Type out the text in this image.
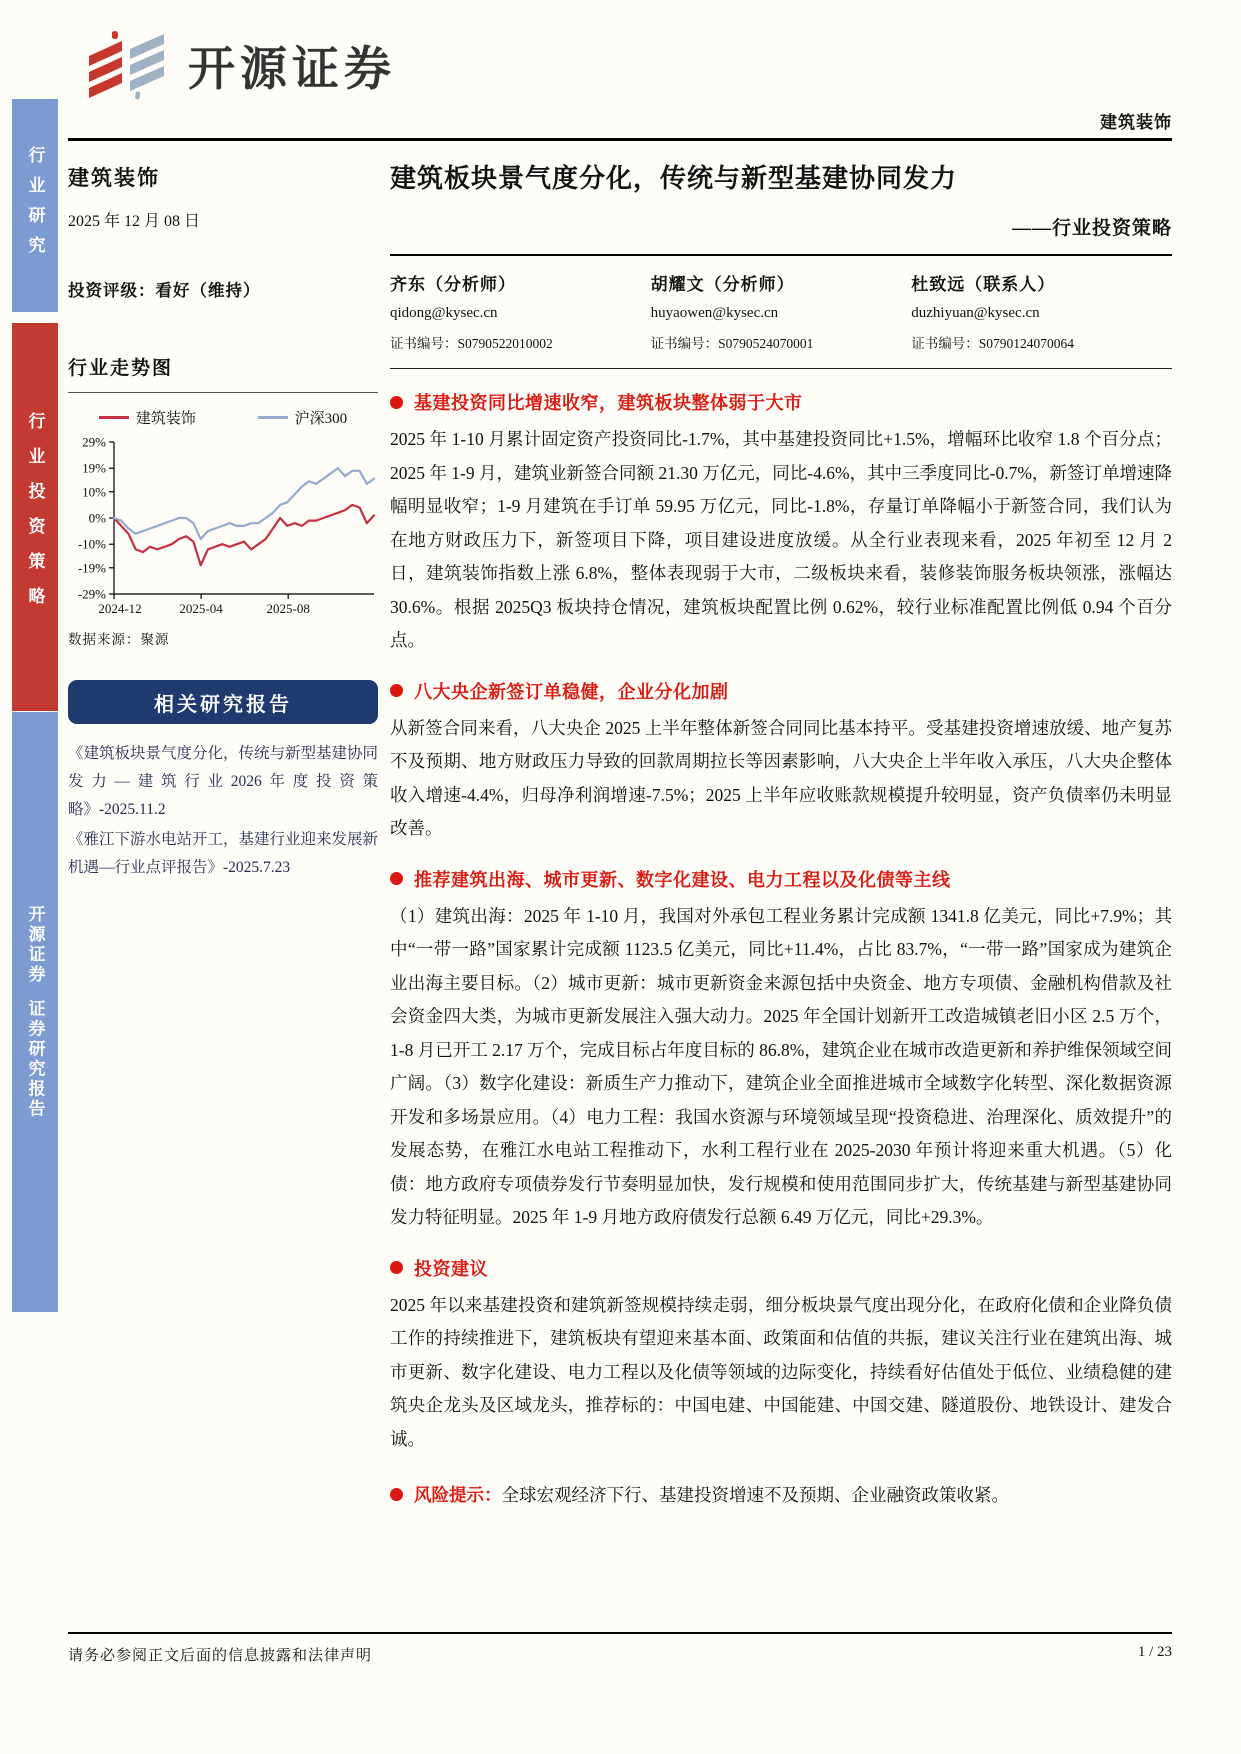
行业研究
行业投资策略
开源证券  证券研究报告
开源证券
建筑装饰
建筑装饰
2025 年 12 月 08 日
投资评级：看好（维持）
行业走势图
建筑装饰	沪深300
29%
19%
10%
0%
-10%
-19%
-29%
2024-12	2025-04	2025-08
数据来源：聚源
相关研究报告
《建筑板块景气度分化，传统与新型基建协同发力—建筑行业2026年度投资策略》-2025.11.2
《雅江下游水电站开工，基建行业迎来发展新机遇—行业点评报告》-2025.7.23
建筑板块景气度分化，传统与新型基建协同发力
——行业投资策略
齐东（分析师）
qidong@kysec.cn
证书编号：S0790522010002
胡耀文（分析师）
huyaowen@kysec.cn
证书编号：S0790524070001
杜致远（联系人）
duzhiyuan@kysec.cn
证书编号：S0790124070064
基建投资同比增速收窄，建筑板块整体弱于大市
2025 年 1-10 月累计固定资产投资同比-1.7%，其中基建投资同比+1.5%，增幅环比收窄 1.8 个百分点；2025 年 1-9 月，建筑业新签合同额 21.30 万亿元，同比-4.6%，其中三季度同比-0.7%，新签订单增速降幅明显收窄；1-9 月建筑在手订单 59.95 万亿元，同比-1.8%，存量订单降幅小于新签合同，我们认为在地方财政压力下，新签项目下降，项目建设进度放缓。从全行业表现来看，2025 年初至 12 月 2 日，建筑装饰指数上涨 6.8%，整体表现弱于大市，二级板块来看，装修装饰服务板块领涨，涨幅达 30.6%。根据 2025Q3 板块持仓情况，建筑板块配置比例 0.62%，较行业标准配置比例低 0.94 个百分点。
八大央企新签订单稳健，企业分化加剧
从新签合同来看，八大央企 2025 上半年整体新签合同同比基本持平。受基建投资增速放缓、地产复苏不及预期、地方财政压力导致的回款周期拉长等因素影响，八大央企上半年收入承压，八大央企整体收入增速-4.4%，归母净利润增速-7.5%；2025 上半年应收账款规模提升较明显，资产负债率仍未明显改善。
推荐建筑出海、城市更新、数字化建设、电力工程以及化债等主线
（1）建筑出海：2025 年 1-10 月，我国对外承包工程业务累计完成额 1341.8 亿美元，同比+7.9%；其中“一带一路”国家累计完成额 1123.5 亿美元，同比+11.4%，占比 83.7%，“一带一路”国家成为建筑企业出海主要目标。（2）城市更新：城市更新资金来源包括中央资金、地方专项债、金融机构借款及社会资金四大类，为城市更新发展注入强大动力。2025 年全国计划新开工改造城镇老旧小区 2.5 万个，1-8 月已开工 2.17 万个，完成目标占年度目标的 86.8%，建筑企业在城市改造更新和养护维保领域空间广阔。（3）数字化建设：新质生产力推动下，建筑企业全面推进城市全域数字化转型、深化数据资源开发和多场景应用。（4）电力工程：我国水资源与环境领域呈现“投资稳进、治理深化、质效提升”的发展态势，在雅江水电站工程推动下，水利工程行业在 2025-2030 年预计将迎来重大机遇。（5）化债：地方政府专项债券发行节奏明显加快，发行规模和使用范围同步扩大，传统基建与新型基建协同发力特征明显。2025 年 1-9 月地方政府债发行总额 6.49 万亿元，同比+29.3%。
投资建议
2025 年以来基建投资和建筑新签规模持续走弱，细分板块景气度出现分化，在政府化债和企业降负债工作的持续推进下，建筑板块有望迎来基本面、政策面和估值的共振，建议关注行业在建筑出海、城市更新、数字化建设、电力工程以及化债等领域的边际变化，持续看好估值处于低位、业绩稳健的建筑央企龙头及区域龙头，推荐标的：中国电建、中国能建、中国交建、隧道股份、地铁设计、建发合诚。
风险提示：全球宏观经济下行、基建投资增速不及预期、企业融资政策收紧。
请务必参阅正文后面的信息披露和法律声明	1 / 23
